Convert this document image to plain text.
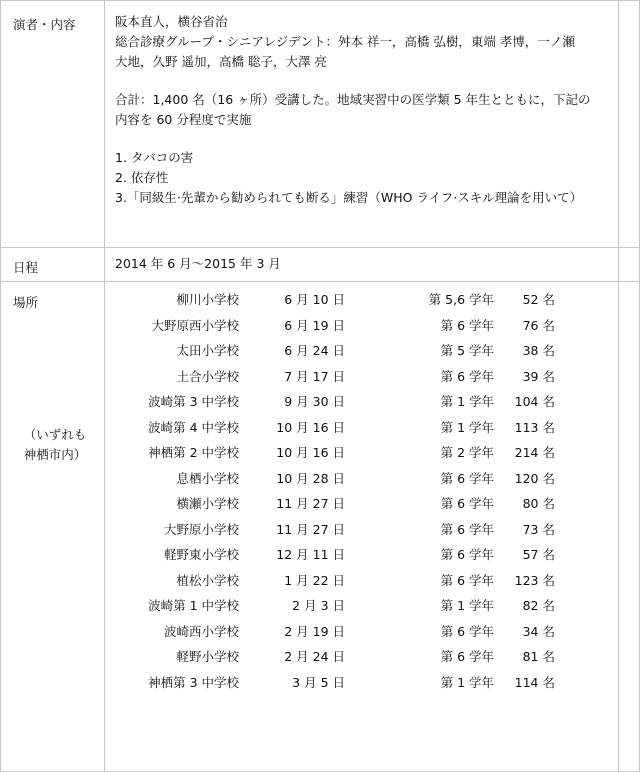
演者・内容	阪本直人，横谷省治

総合診療グループ・シニアレジデント：舛本 祥一，高橋 弘樹，東端 孝博，一ノ瀬

大地，久野 遥加，高橋 聡子，大澤 亮

合計：1,400 名（16 ヶ所）受講した。地域実習中の医学類 5 年生とともに，下記の

内容を 60 分程度で実施

1. タバコの害

2. 依存性

3.「同級生·先輩から勧められても断る」練習（WHO ライフ·スキル理論を用いて）

日程	2014 年 6 月～2015 年 3 月
場所
（いずれも
神栖市内）
柳川小学校	6 月 10 日	第 5,6 学年 52 名
大野原西小学校	6 月 19 日	第 6 学年 76 名
太田小学校	6 月 24 日	第 5 学年 38 名
土合小学校	7 月 17 日	第 6 学年 39 名
波崎第 3 中学校	9 月 30 日	第 1 学年 104 名
波崎第 4 中学校	10 月 16 日	第 1 学年 113 名
神栖第 2 中学校	10 月 16 日	第 2 学年 214 名
息栖小学校	10 月 28 日	第 6 学年 120 名
横瀬小学校	11 月 27 日	第 6 学年 80 名
大野原小学校	11 月 27 日	第 6 学年 73 名
軽野東小学校	12 月 11 日	第 6 学年 57 名
植松小学校	1 月 22 日	第 6 学年 123 名
波崎第 1 中学校	2 月 3 日	第 1 学年 82 名
波崎西小学校	2 月 19 日	第 6 学年 34 名
軽野小学校	2 月 24 日	第 6 学年 81 名
神栖第 3 中学校	3 月 5 日	第 1 学年 114 名
